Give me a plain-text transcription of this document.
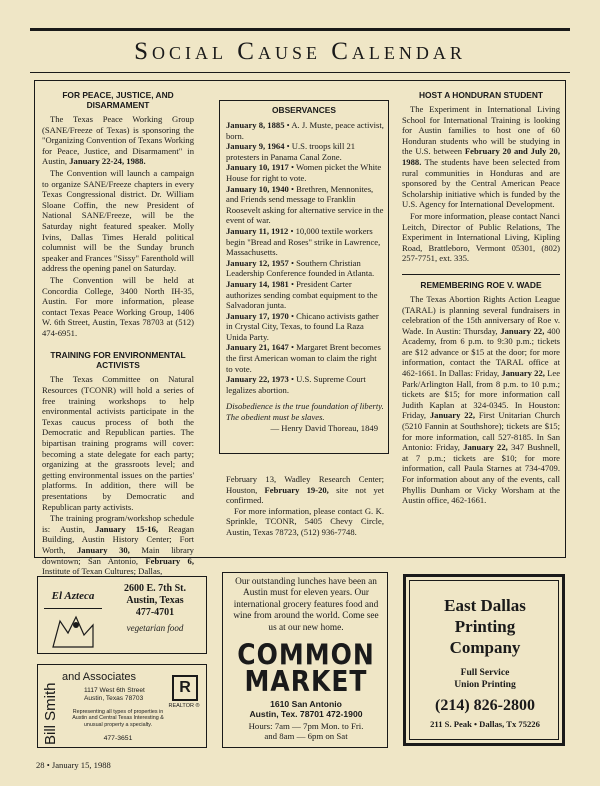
Social Cause Calendar
FOR PEACE, JUSTICE, AND DISARMAMENT

The Texas Peace Working Group (SANE/Freeze of Texas) is sponsoring the "Organizing Convention of Texans Working for Peace, Justice, and Disarmament" in Austin, January 22-24, 1988.

The Convention will launch a campaign to organize SANE/Freeze chapters in every Texas Congressional district. Dr. William Sloane Coffin, the new President of National SANE/Freeze, will be the Saturday night featured speaker. Molly Ivins, Dallas Times Herald political columnist will be the Sunday brunch speaker and Frances "Sissy" Farenthold will address the opening panel on Saturday.

The Convention will be held at Concordia College, 3400 North IH-35, Austin. For more information, please contact Texas Peace Working Group, 1406 W. 6th Street, Austin, Texas 78703 at (512) 474-6951.

TRAINING FOR ENVIRONMENTAL ACTIVISTS

The Texas Committee on Natural Resources (TCONR) will hold a series of free training workshops to help environmental activists participate in the Texas caucus process of both the Democratic and Republican parties. The bipartisan training programs will cover: becoming a state delegate for each party; organizing at the grassroots level; and getting environmental issues on the parties' platforms. In addition, there will be presentations by Democratic and Republican party activists.

The training program/workshop schedule is: Austin, January 15-16, Reagan Building, Austin History Center; Fort Worth, January 30, Main library downtown; San Antonio, February 6, Institute of Texan Cultures; Dallas,

OBSERVANCES

January 8, 1885 • A. J. Muste, peace activist, born.

January 9, 1964 • U.S. troops kill 21 protesters in Panama Canal Zone.

January 10, 1917 • Women picket the White House for right to vote.

January 10, 1940 • Brethren, Mennonites, and Friends send message to Franklin Roosevelt asking for alternative service in the event of war.

January 11, 1912 • 10,000 textile workers begin "Bread and Roses" strike in Lawrence, Massachusetts.

January 12, 1957 • Southern Christian Leadership Conference founded in Atlanta.

January 14, 1981 • President Carter authorizes sending combat equipment to the Salvadoran junta.

January 17, 1970 • Chicano activists gather in Crystal City, Texas, to found La Raza Unida Party.

January 21, 1647 • Margaret Brent becomes the first American woman to claim the right to vote.

January 22, 1973 • U.S. Supreme Court legalizes abortion.

Disobedience is the true foundation of liberty. The obedient must be slaves.

— Henry David Thoreau, 1849

February 13, Wadley Research Center; Houston, February 19-20, site not yet confirmed.

For more information, please contact G. K. Sprinkle, TCONR, 5405 Chevy Circle, Austin, Texas 78723, (512) 936-7748.

HOST A HONDURAN STUDENT

The Experiment in International Living School for International Training is looking for Austin families to host one of 60 Honduran students who will be studying in the U.S. between February 20 and July 20, 1988. The students have been selected from rural communities in Honduras and are sponsored by the Central American Peace Scholarship initiative which is funded by the U.S. Agency for International Development.

For more information, please contact Nanci Leitch, Director of Public Relations, The Experiment in International Living, Kipling Road, Brattleboro, Vermont 05301, (802) 257-7751, ext. 335.

REMEMBERING ROE V. WADE

The Texas Abortion Rights Action League (TARAL) is planning several fundraisers in celebration of the 15th anniversary of Roe v. Wade. In Austin: Thursday, January 22, 400 Academy, from 6 p.m. to 9:30 p.m.; tickets are $12 advance or $15 at the door; for more information, contact the TARAL office at 462-1661. In Dallas: Friday, January 22, Lee Park/Arlington Hall, from 8 p.m. to 10 p.m.; tickets are $15; for more information call Judith Kaplan at 324-0345. In Houston: Friday, January 22, First Unitarian Church (5210 Fannin at Southshore); tickets are $15; for more information, call 527-8185. In San Antonio: Friday, January 22, 347 Bushnell, at 7 p.m.; tickets are $10; for more information, call Paula Starnes at 734-4709. For information about any of the events, call Phyllis Dunham or Vicky Worsham at the Austin office, 462-1661.

El Azteca
2600 E. 7th St.
Austin, Texas
477-4701
vegetarian food
Bill Smith
and Associates
1117 West 6th Street
Austin, Texas 78703
R
REALTOR ®
Representing all types of properties in Austin and Central Texas Interesting & unusual property a specialty.
477-3651
Our outstanding lunches have been an Austin must for eleven years. Our international grocery features food and wine from around the world. Come see us at our new home.
COMMON
MARKET
1610 San Antonio
Austin, Tex. 78701 472-1900
Hours: 7am — 7pm Mon. to Fri.
and 8am — 6pm on Sat
East Dallas
Printing
Company
Full Service
Union Printing
(214) 826-2800
211 S. Peak • Dallas, Tx 75226
28 • January 15, 1988
